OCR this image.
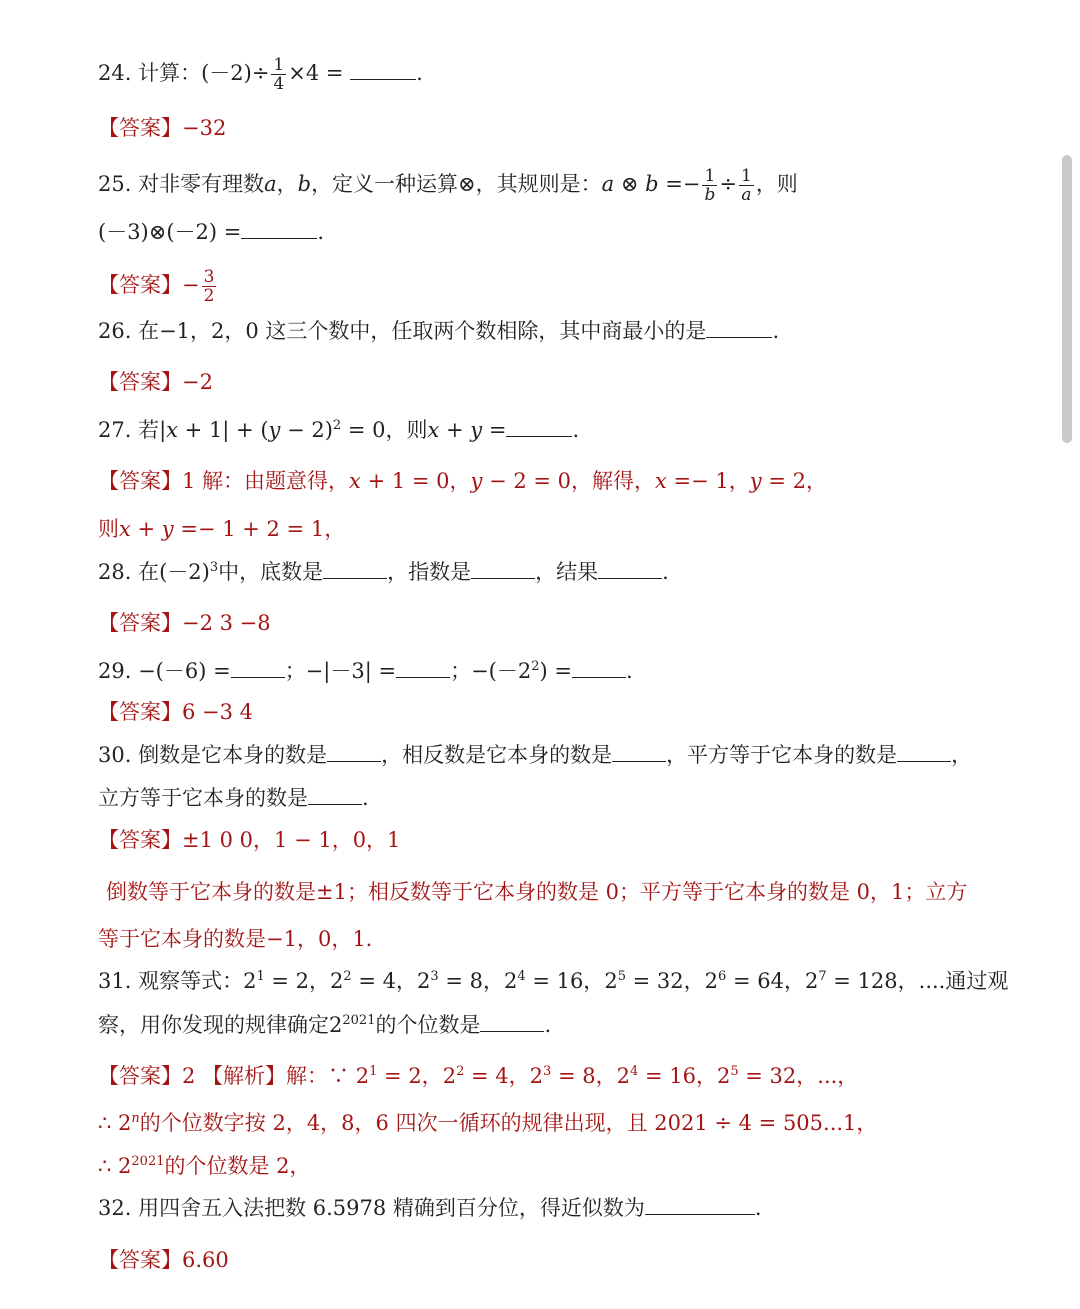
24. 计算：$(-2)\div \frac{1}{4} \times 4$ =	.
【答案】−32
25. 对非零有理数a，b，定义一种运算⊗，其规则是：a ⊗ $b =- \frac{1}{b} \div \frac{1}{a}$ ，则
(－3)⊗(－2) =	.
【答案】− $\frac{3}{2}$
26. 在−1，2，0 这三个数中，任取两个数相除，其中商最小的是	.
【答案】−2
27. 若$|x + 1| + (y - 2)^2 = 0$，则x + y =	.
【答案】1 解：由题意得，x + 1 = 0，y − 2 = 0，解得，x =− 1，y = 2，
则x + y =− 1 + 2 = 1，
28. 在$(-2)^3$中，底数是	，指数是	，结果	.
【答案】−2 3 −8
29. −(－6) =	；−|－3| =	；$-(-2^2)$ =	.
【答案】6 −3 4
30. 倒数是它本身的数是	，相反数是它本身的数是	，平方等于它本身的数是	，
立方等于它本身的数是	.
【答案】±1 0 0，1 − 1，0，1
倒数等于它本身的数是±1；相反数等于它本身的数是 0；平方等于它本身的数是 0，1；立方
等于它本身的数是−1，0，1.
31. 观察等式：$2^1 = 2$，$2^2 = 4$，$2^3 = 8$，$2^4 = 16$，$2^5 = 32$，$2^6 = 64$，$2^7 = 128$，....通过观
察，用你发现的规律确定$2^{2021}$的个位数是	.
【答案】2 【解析】解：∵ $2^1 = 2$，$2^2 = 4$，$2^3 = 8$，$2^4 = 16$，$2^5 = 32$，...，
∴ 2$^n$的个位数字按 2，4，8，6 四次一循环的规律出现，且 2021 ÷ 4 = 505...1，
∴ $2^{2021}$的个位数是 2，
32. 用四舍五入法把数 6.5978 精确到百分位，得近似数为	.
【答案】6.60
